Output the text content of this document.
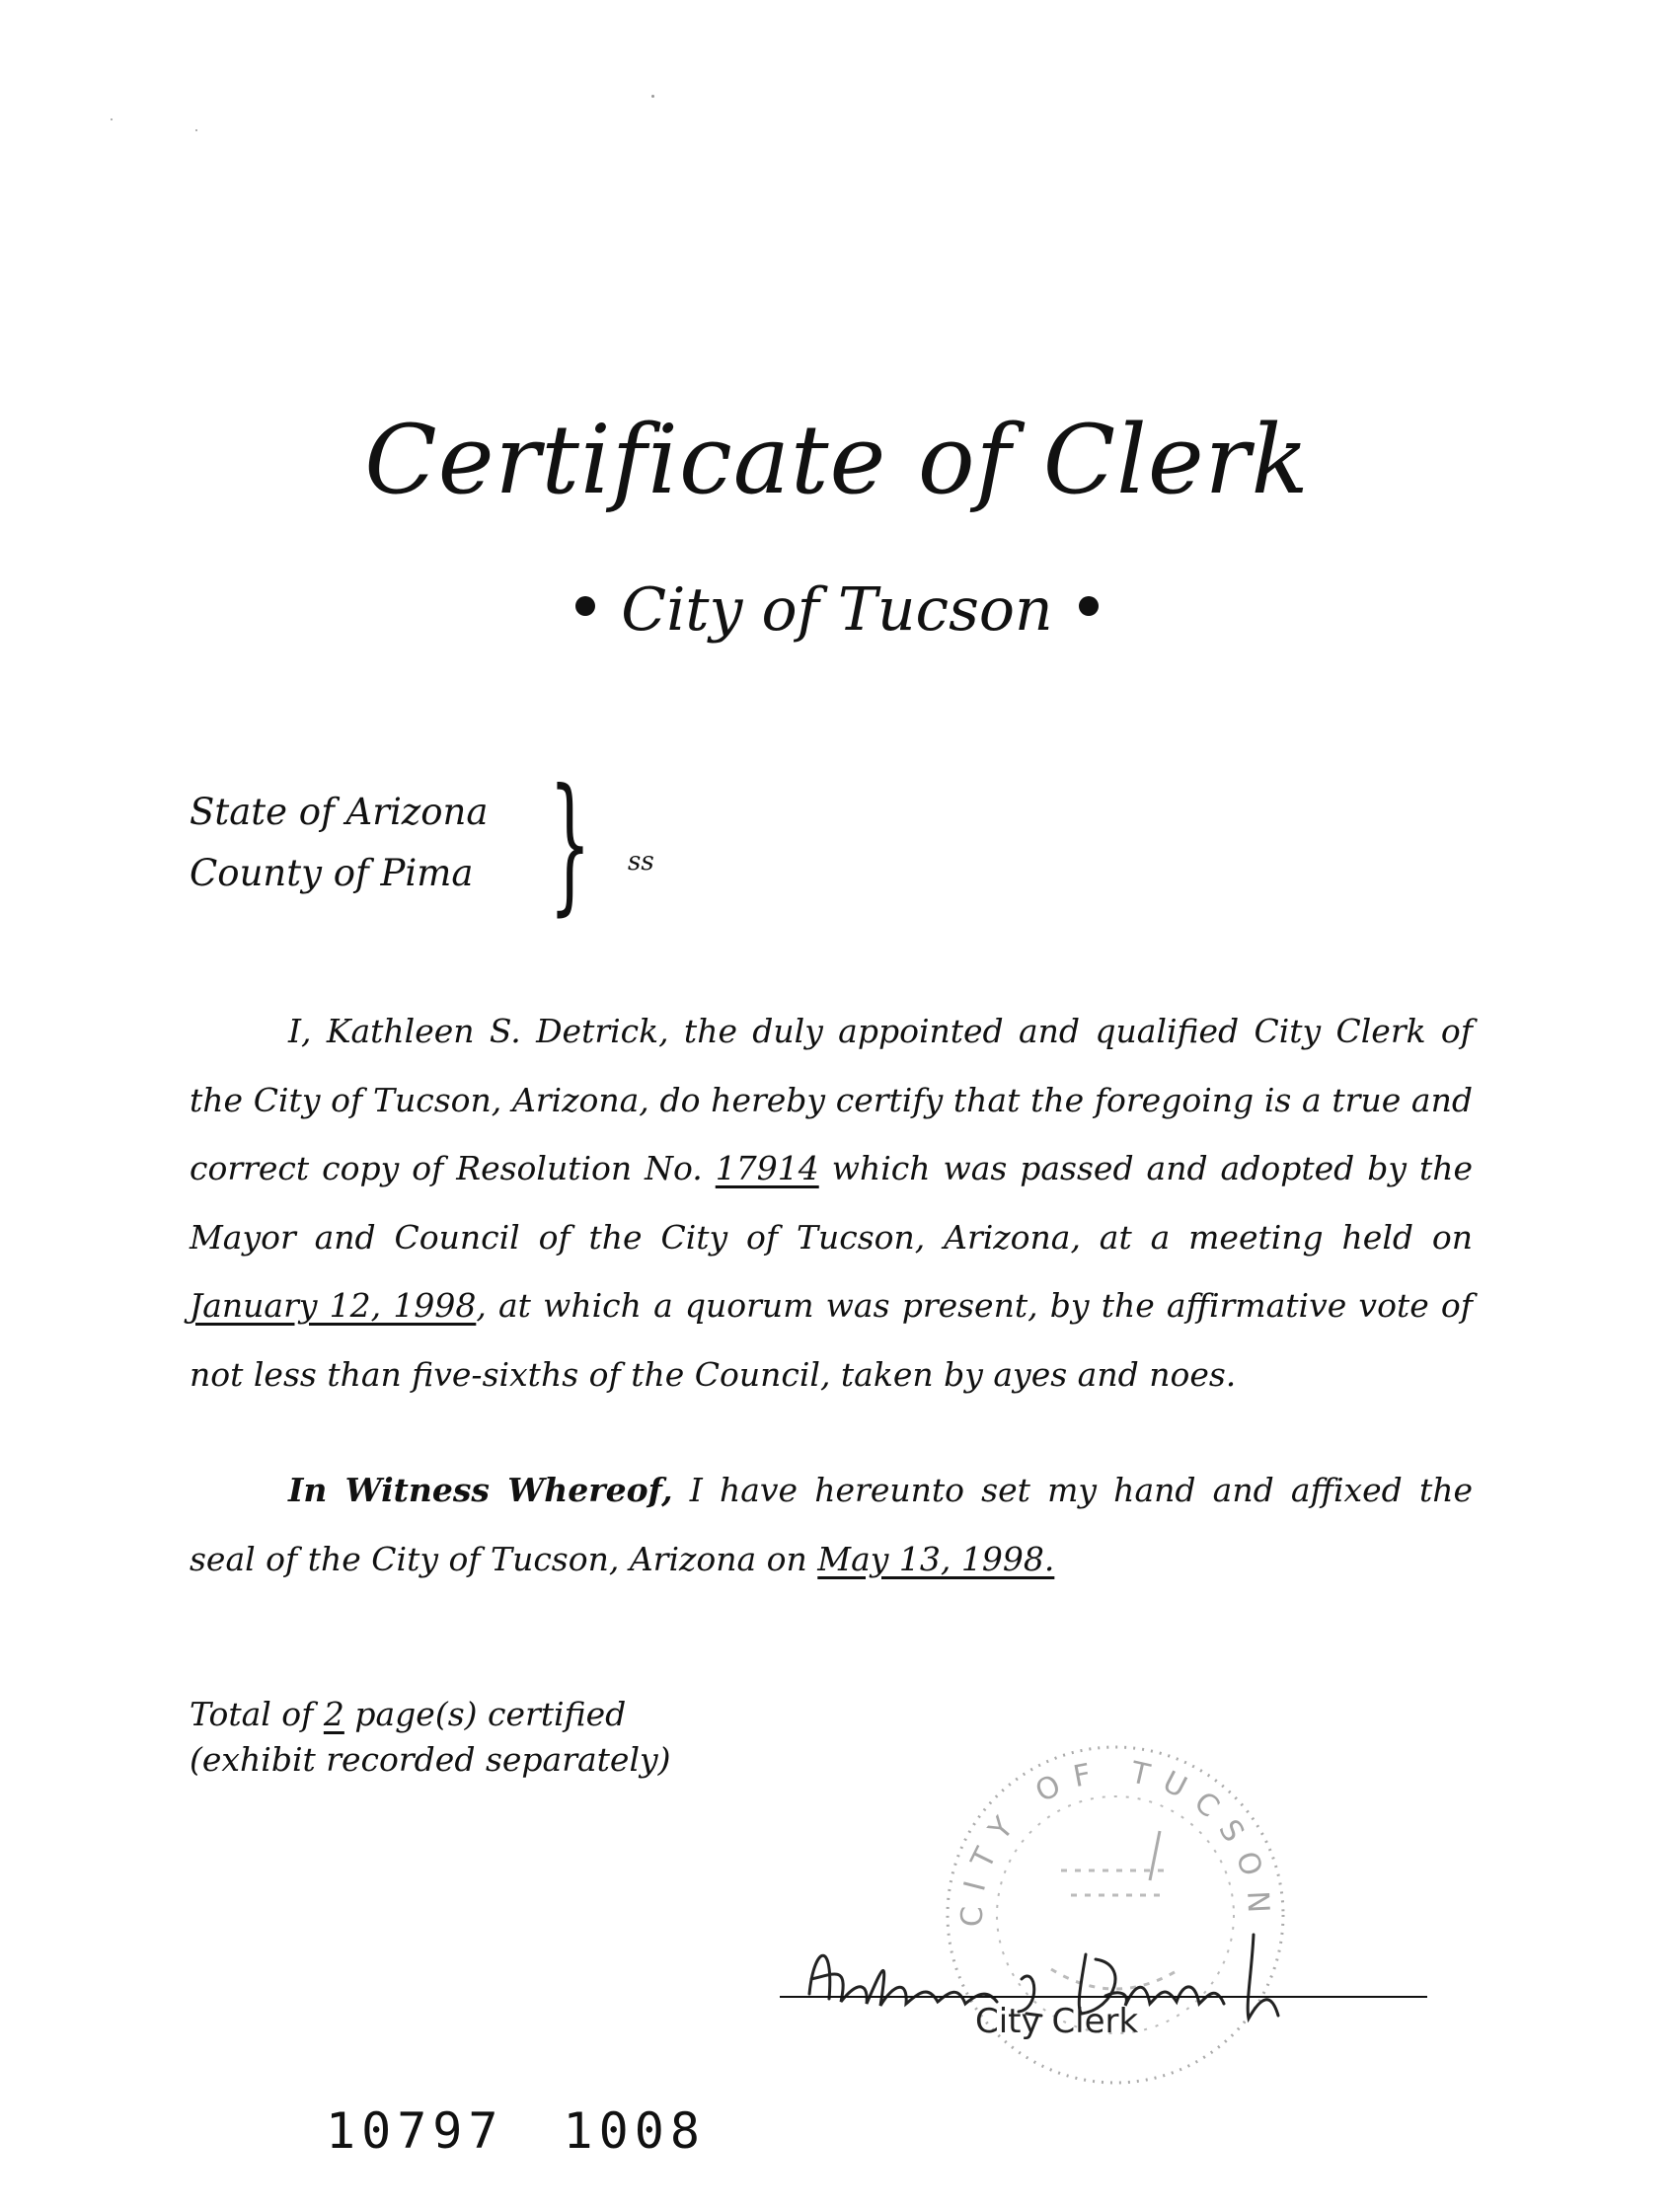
Certificate of Clerk
City of Tucson
State of Arizona
County of Pima } ss
I, Kathleen S. Detrick, the duly appointed and qualified City Clerk of the City of Tucson, Arizona, do hereby certify that the foregoing is a true and correct copy of Resolution No. 17914 which was passed and adopted by the Mayor and Council of the City of Tucson, Arizona, at a meeting held on January 12, 1998, at which a quorum was present, by the affirmative vote of not less than five-sixths of the Council, taken by ayes and noes.
In Witness Whereof, I have hereunto set my hand and affixed the seal of the City of Tucson, Arizona on May 13, 1998.
Total of 2 page(s) certified
(exhibit recorded separately)
CITY OF TUCSON
City Clerk
10797 1008
